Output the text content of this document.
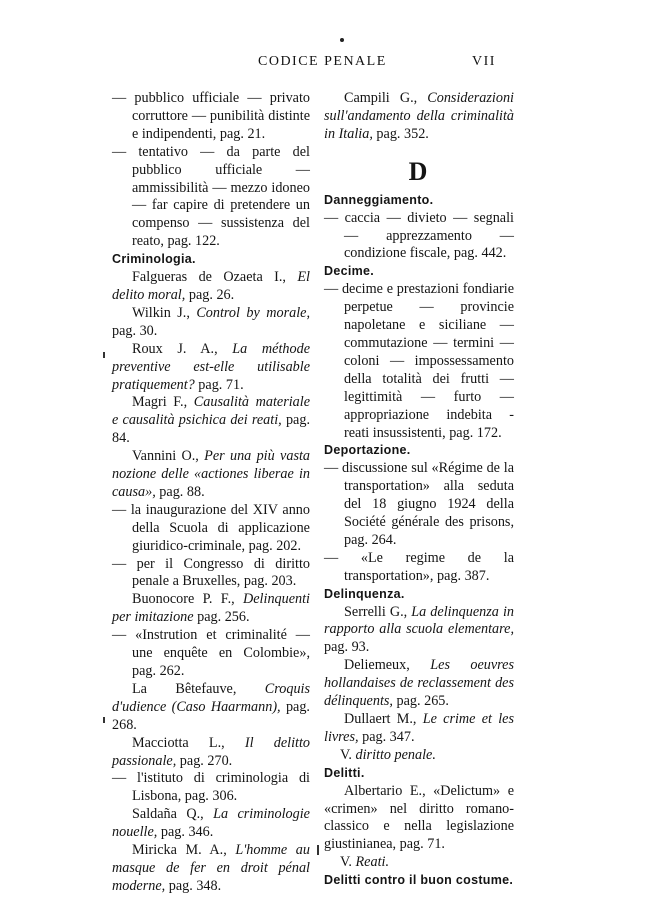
CODICE PENALE	VII

— pubblico ufficiale — privato corruttore — punibilità distinte e indipendenti, pag. 21.

— tentativo — da parte del pubblico ufficiale — ammissibilità — mezzo idoneo — far capire di pretendere un compenso — sussistenza del reato, pag. 122.

Criminologia.

Falgueras de Ozaeta I., El delito moral, pag. 26.

Wilkin J., Control by morale, pag. 30.

Roux J. A., La méthode preventive est-elle utilisable pratiquement? pag. 71.

Magri F., Causalità materiale e causalità psichica dei reati, pag. 84.

Vannini O., Per una più vasta nozione delle «actiones liberae in causa», pag. 88.

— la inaugurazione del XIV anno della Scuola di applicazione giuridico-criminale, pag. 202.

— per il Congresso di diritto penale a Bruxelles, pag. 203.

Buonocore P. F., Delinquenti per imitazione pag. 256.

— «Instrution et criminalité — une enquête en Colombie», pag. 262.

La Bêtefauve, Croquis d'udience (Caso Haarmann), pag. 268.

Macciotta L., Il delitto passionale, pag. 270.

— l'istituto di criminologia di Lisbona, pag. 306.

Saldaña Q., La criminologie nouelle, pag. 346.

Miricka M. A., L'homme au masque de fer en droit pénal moderne, pag. 348.

Campili G., Considerazioni sull'andamento della criminalità in Italia, pag. 352.

D

Danneggiamento.

— caccia — divieto — segnali — apprezzamento — condizione fiscale, pag. 442.

Decime.

— decime e prestazioni fondiarie perpetue — provincie napoletane e siciliane — commutazione — termini — coloni — impossessamento della totalità dei frutti — legittimità — furto — appropriazione indebita - reati insussistenti, pag. 172.

Deportazione.

— discussione sul «Régime de la transportation» alla seduta del 18 giugno 1924 della Société générale des prisons, pag. 264.

— «Le regime de la transportation», pag. 387.

Delinquenza.

Serrelli G., La delinquenza in rapporto alla scuola elementare, pag. 93.

Deliemeux, Les oeuvres hollandaises de reclassement des délinquents, pag. 265.

Dullaert M., Le crime et les livres, pag. 347.

V. diritto penale.

Delitti.

Albertario E., «Delictum» e «crimen» nel diritto romano-classico e nella legislazione giustinianea, pag. 71.

V. Reati.

Delitti contro il buon costume.
